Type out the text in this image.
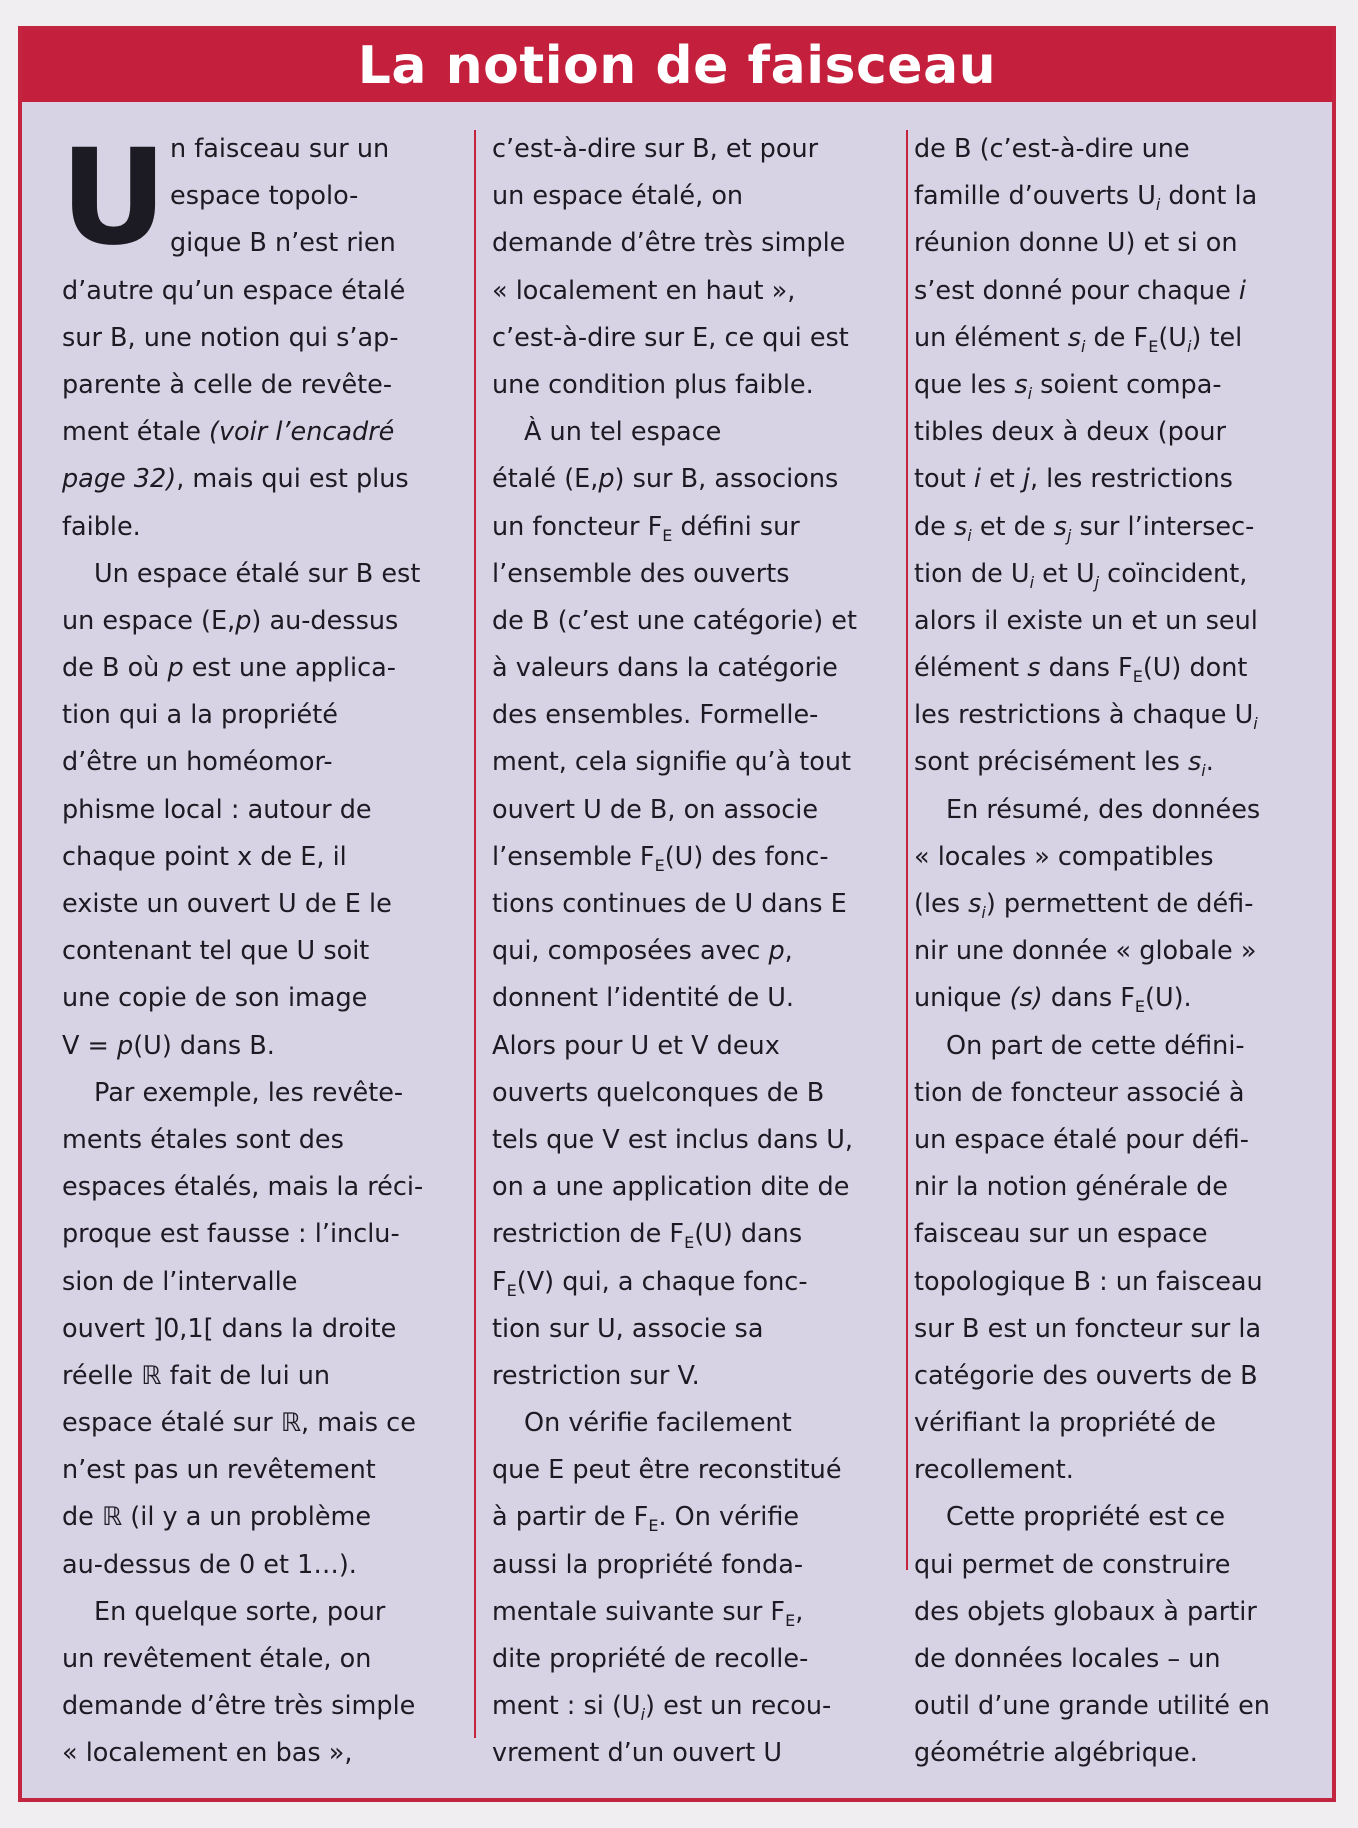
La notion de faisceau
U n faisceau sur un
espace topolo-
gique B n’est rien
d’autre qu’un espace étalé
sur B, une notion qui s’ap-
parente à celle de revête-
ment étale (voir l’encadré
page 32), mais qui est plus
faible.
Un espace étalé sur B est
un espace (E,p) au-dessus
de B où p est une applica-
tion qui a la propriété
d’être un homéomor-
phisme local : autour de
chaque point x de E, il
existe un ouvert U de E le
contenant tel que U soit
une copie de son image
V = p(U) dans B.
Par exemple, les revête-
ments étales sont des
espaces étalés, mais la réci-
proque est fausse : l’inclu-
sion de l’intervalle
ouvert ]0,1[ dans la droite
réelle ℝ fait de lui un
espace étalé sur ℝ, mais ce
n’est pas un revêtement
de ℝ (il y a un problème
au-dessus de 0 et 1…).
En quelque sorte, pour
un revêtement étale, on
demande d’être très simple
« localement en bas »,
c’est-à-dire sur B, et pour
un espace étalé, on
demande d’être très simple
« localement en haut »,
c’est-à-dire sur E, ce qui est
une condition plus faible.
À un tel espace
étalé (E,p) sur B, associons
un foncteur $F_E$ défini sur
l’ensemble des ouverts
de B (c’est une catégorie) et
à valeurs dans la catégorie
des ensembles. Formelle-
ment, cela signifie qu’à tout
ouvert U de B, on associe
l’ensemble $F_E(U)$ des fonc-
tions continues de U dans E
qui, composées avec p,
donnent l’identité de U.
Alors pour U et V deux
ouverts quelconques de B
tels que V est inclus dans U,
on a une application dite de
restriction de $F_E(U)$ dans
$F_E(V)$ qui, a chaque fonc-
tion sur U, associe sa
restriction sur V.
On vérifie facilement
que E peut être reconstitué
à partir de $F_E$. On vérifie
aussi la propriété fonda-
mentale suivante sur $F_E$,
dite propriété de recolle-
ment : si $(U_i)$ est un recou-
vrement d’un ouvert U
de B (c’est-à-dire une
famille d’ouverts $U_i$ dont la
réunion donne U) et si on
s’est donné pour chaque i
un élément $s_i$ de $F_E(U_i)$ tel
que les $s_i$ soient compa-
tibles deux à deux (pour
tout i et j, les restrictions
de $s_i$ et de $s_j$ sur l’intersec-
tion de $U_i$ et $U_j$ coïncident,
alors il existe un et un seul
élément s dans $F_E(U)$ dont
les restrictions à chaque $U_i$
sont précisément les $s_i$.
En résumé, des données
« locales » compatibles
(les $s_i$) permettent de défi-
nir une donnée « globale »
unique (s) dans $F_E(U)$.
On part de cette défini-
tion de foncteur associé à
un espace étalé pour défi-
nir la notion générale de
faisceau sur un espace
topologique B : un faisceau
sur B est un foncteur sur la
catégorie des ouverts de B
vérifiant la propriété de
recollement.
Cette propriété est ce
qui permet de construire
des objets globaux à partir
de données locales – un
outil d’une grande utilité en
géométrie algébrique.
